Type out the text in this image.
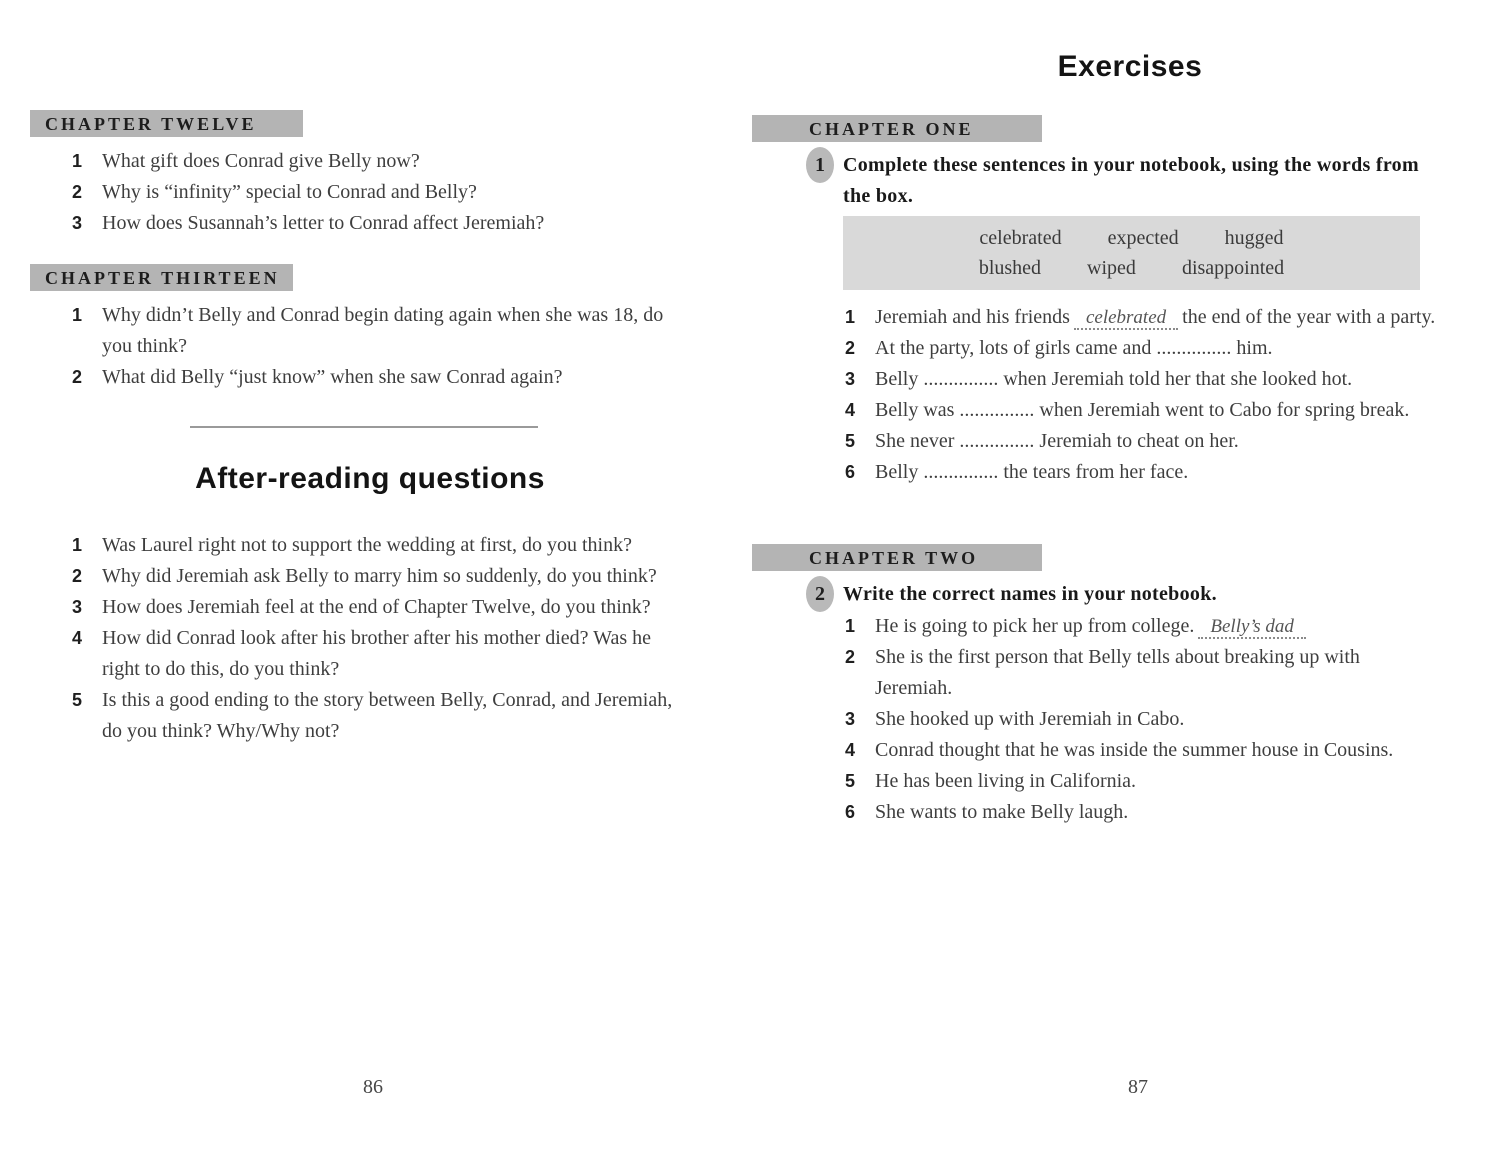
CHAPTER TWELVE
1 What gift does Conrad give Belly now?
2 Why is “infinity” special to Conrad and Belly?
3 How does Susannah’s letter to Conrad affect Jeremiah?
CHAPTER THIRTEEN
1 Why didn’t Belly and Conrad begin dating again when she was 18, do you think?
2 What did Belly “just know” when she saw Conrad again?
After-reading questions
1 Was Laurel right not to support the wedding at first, do you think?
2 Why did Jeremiah ask Belly to marry him so suddenly, do you think?
3 How does Jeremiah feel at the end of Chapter Twelve, do you think?
4 How did Conrad look after his brother after his mother died? Was he right to do this, do you think?
5 Is this a good ending to the story between Belly, Conrad, and Jeremiah, do you think? Why/Why not?
86
Exercises
CHAPTER ONE
1 Complete these sentences in your notebook, using the words from the box.
celebrated expected hugged
blushed wiped disappointed
1 Jeremiah and his friends celebrated the end of the year with a party.
2 At the party, lots of girls came and ............... him.
3 Belly ............... when Jeremiah told her that she looked hot.
4 Belly was ............... when Jeremiah went to Cabo for spring break.
5 She never ............... Jeremiah to cheat on her.
6 Belly ............... the tears from her face.
CHAPTER TWO
2 Write the correct names in your notebook.
1 He is going to pick her up from college. Belly’s dad
2 She is the first person that Belly tells about breaking up with Jeremiah.
3 She hooked up with Jeremiah in Cabo.
4 Conrad thought that he was inside the summer house in Cousins.
5 He has been living in California.
6 She wants to make Belly laugh.
87
